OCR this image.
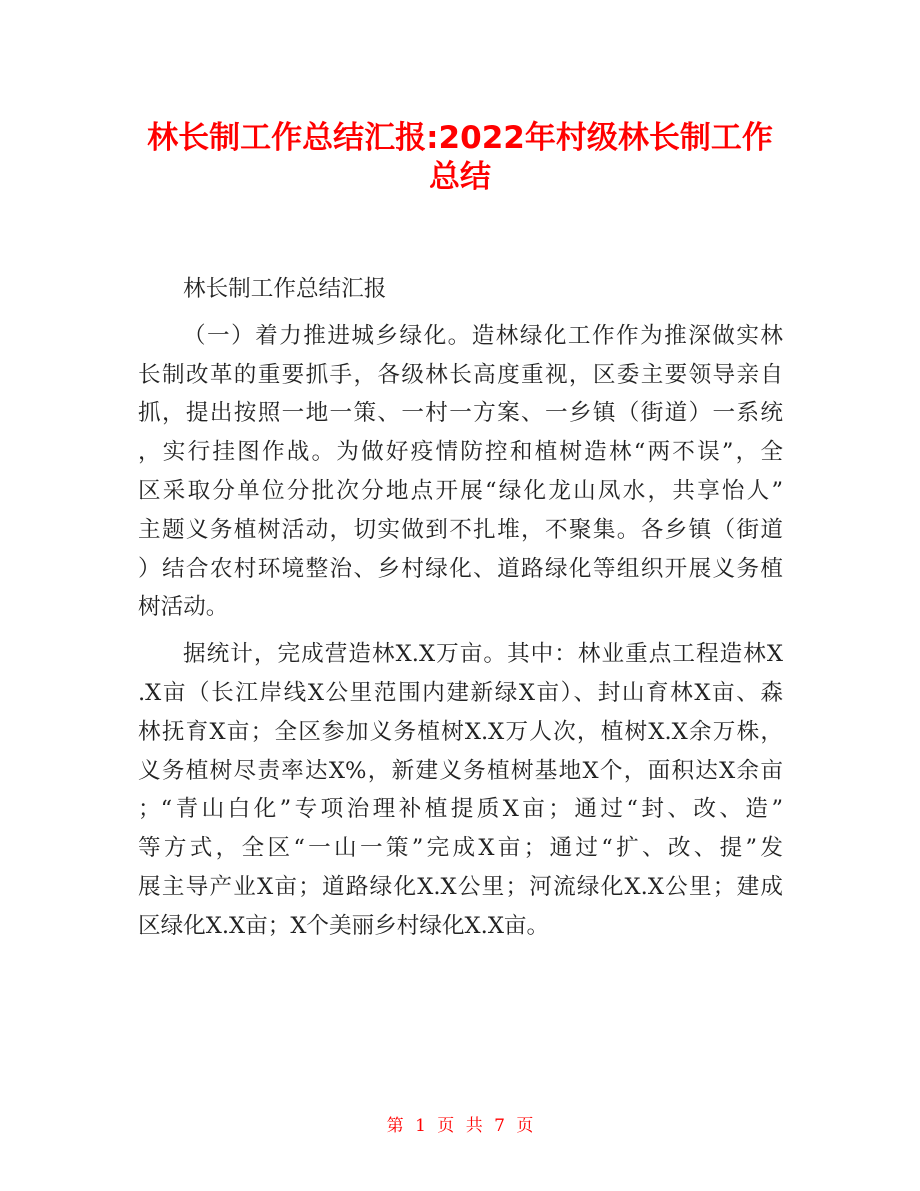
林长制工作总结汇报:2022年村级林长制工作
总结
林长制工作总结汇报
（一）着力推进城乡绿化。造林绿化工作作为推深做实林
长制改革的重要抓手，各级林长高度重视，区委主要领导亲自
抓，提出按照一地一策、一村一方案、一乡镇（街道）一系统
，实行挂图作战。为做好疫情防控和植树造林“两不误”，全
区采取分单位分批次分地点开展“绿化龙山凤水，共享怡人”
主题义务植树活动，切实做到不扎堆，不聚集。各乡镇（街道
）结合农村环境整治、乡村绿化、道路绿化等组织开展义务植
树活动。
据统计，完成营造林X.X万亩。其中：林业重点工程造林X
.X亩（长江岸线X公里范围内建新绿X亩）、封山育林X亩、森
林抚育X亩；全区参加义务植树X.X万人次，植树X.X余万株，
义务植树尽责率达X%，新建义务植树基地X个，面积达X余亩
；“青山白化”专项治理补植提质X亩；通过“封、改、造”
等方式，全区“一山一策”完成X亩；通过“扩、改、提”发
展主导产业X亩；道路绿化X.X公里；河流绿化X.X公里；建成
区绿化X.X亩；X个美丽乡村绿化X.X亩。
第 1 页 共 7 页
